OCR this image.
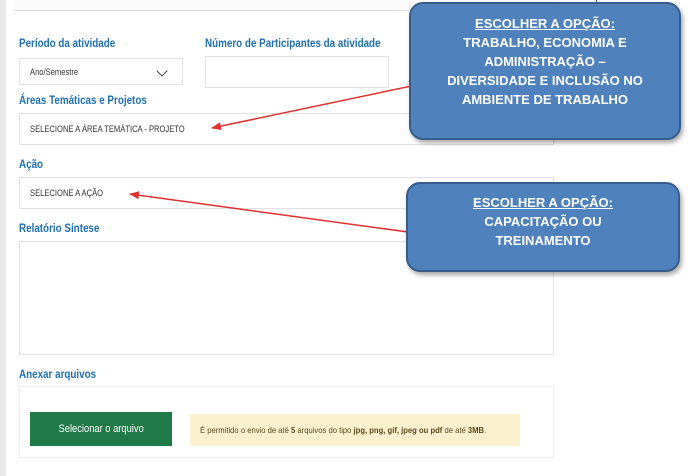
Período da atividade
Ano/Semestre
Número de Participantes da atividade
Áreas Temáticas e Projetos
SELECIONE A ÁREA TEMÁTICA - PROJETO
Ação
SELECIONE A AÇÃO
Relatório Síntese
Anexar arquivos
Selecionar o arquivo	É permitido o envio de até 5 arquivos do tipo jpg, png, gif, jpeg ou pdf de até 3MB.
ESCOLHER A OPÇÃO:
TRABALHO, ECONOMIA E
ADMINISTRAÇÃO –
DIVERSIDADE E INCLUSÃO NO
AMBIENTE DE TRABALHO
ESCOLHER A OPÇÃO:
CAPACITAÇÃO OU
TREINAMENTO
